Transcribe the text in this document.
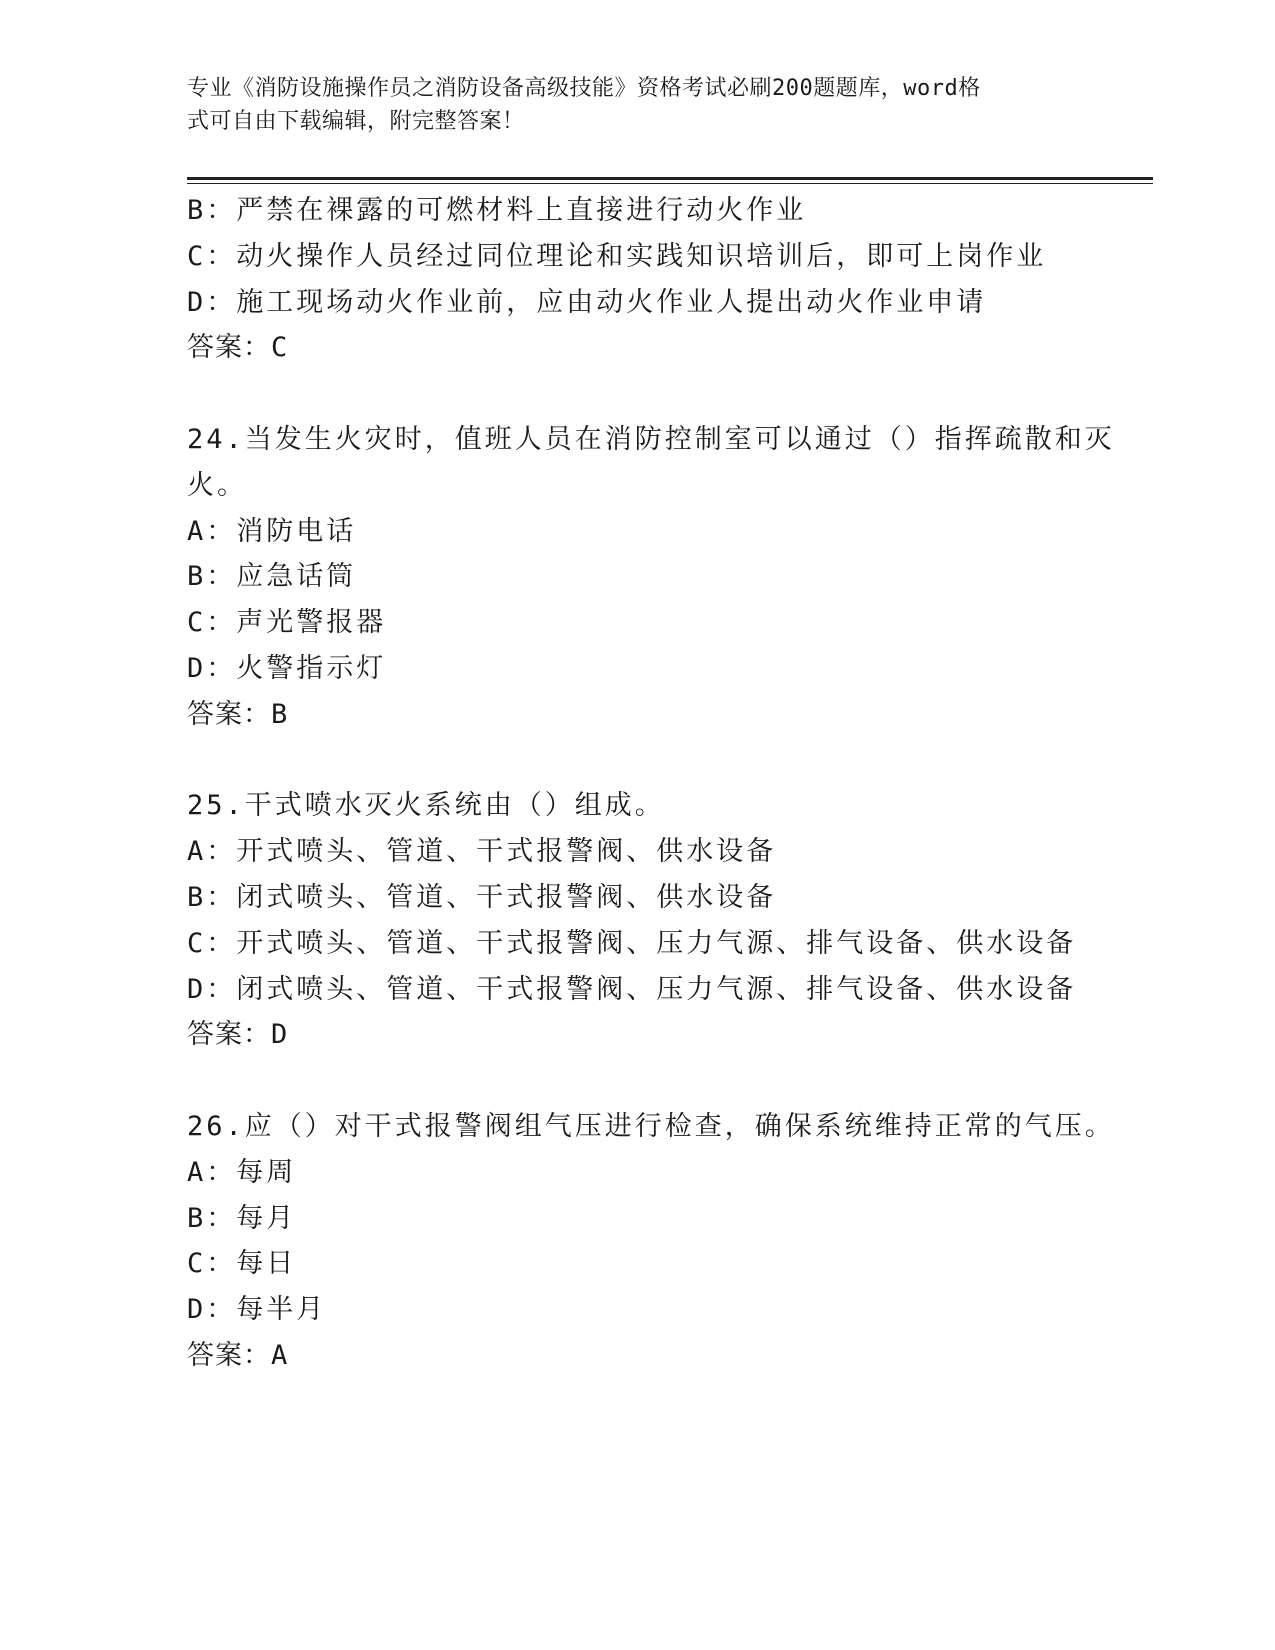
专业《消防设施操作员之消防设备高级技能》资格考试必刷200题题库，word格
式可自由下载编辑，附完整答案！
B：严禁在裸露的可燃材料上直接进行动火作业
C：动火操作人员经过同位理论和实践知识培训后，即可上岗作业
D：施工现场动火作业前，应由动火作业人提出动火作业申请
答案：C
24.当发生火灾时，值班人员在消防控制室可以通过（）指挥疏散和灭
火。
A：消防电话
B：应急话筒
C：声光警报器
D：火警指示灯
答案：B
25.干式喷水灭火系统由（）组成。
A：开式喷头、管道、干式报警阀、供水设备
B：闭式喷头、管道、干式报警阀、供水设备
C：开式喷头、管道、干式报警阀、压力气源、排气设备、供水设备
D：闭式喷头、管道、干式报警阀、压力气源、排气设备、供水设备
答案：D
26.应（）对干式报警阀组气压进行检查，确保系统维持正常的气压。
A：每周
B：每月
C：每日
D：每半月
答案：A
